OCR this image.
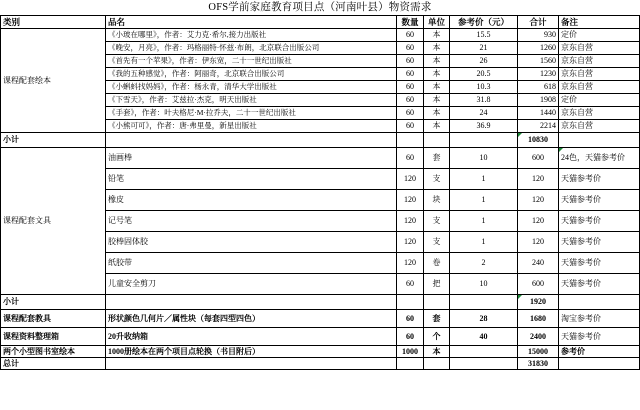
OFS学前家庭教育项目点（河南叶县）物资需求
类别	品名	数量	单位	参考价（元）	合计	备注
课程配套绘本	《小玻在哪里》，作者：艾力克·希尔,接力出版社	60	本	15.5	930	定价
	《晚安，月亮》，作者：玛格丽特·怀兹·布朗，北京联合出版公司	60	本	21	1260	京东自营
	《首先有一个苹果》，作者：伊东宽，二十一世纪出版社	60	本	26	1560	京东自营
	《我的五种感觉》，作者：阿丽奇，北京联合出版公司	60	本	20.5	1230	京东自营
	《小蝌蚪找妈妈》，作者：杨永青，清华大学出版社	60	本	10.3	618	京东自营
	《下雪天》，作者：艾兹拉·杰克，明天出版社	60	本	31.8	1908	定价
	《手套》，作者：叶夫格尼·M·拉乔夫，二十一世纪出版社	60	本	24	1440	京东自营
	《小熊可可》，作者：唐·弗里曼，新星出版社	60	本	36.9	2214	京东自营
小计					10830	
课程配套文具	油画棒	60	套	10	600	24色，天猫参考价
	铅笔	120	支	1	120	天猫参考价
	橡皮	120	块	1	120	天猫参考价
	记号笔	120	支	1	120	天猫参考价
	胶棒固体胶	120	支	1	120	天猫参考价
	纸胶带	120	卷	2	240	天猫参考价
	儿童安全剪刀	60	把	10	600	天猫参考价
小计					1920	
课程配套教具	形状颜色几何片／属性块（每套四型四色）	60	套	28	1680	淘宝参考价
课程资料整理箱	20升收纳箱	60	个	40	2400	天猫参考价
两个小型图书室绘本	1000册绘本在两个项目点轮换（书目附后）	1000	本		15000	参考价
总计					31830	
